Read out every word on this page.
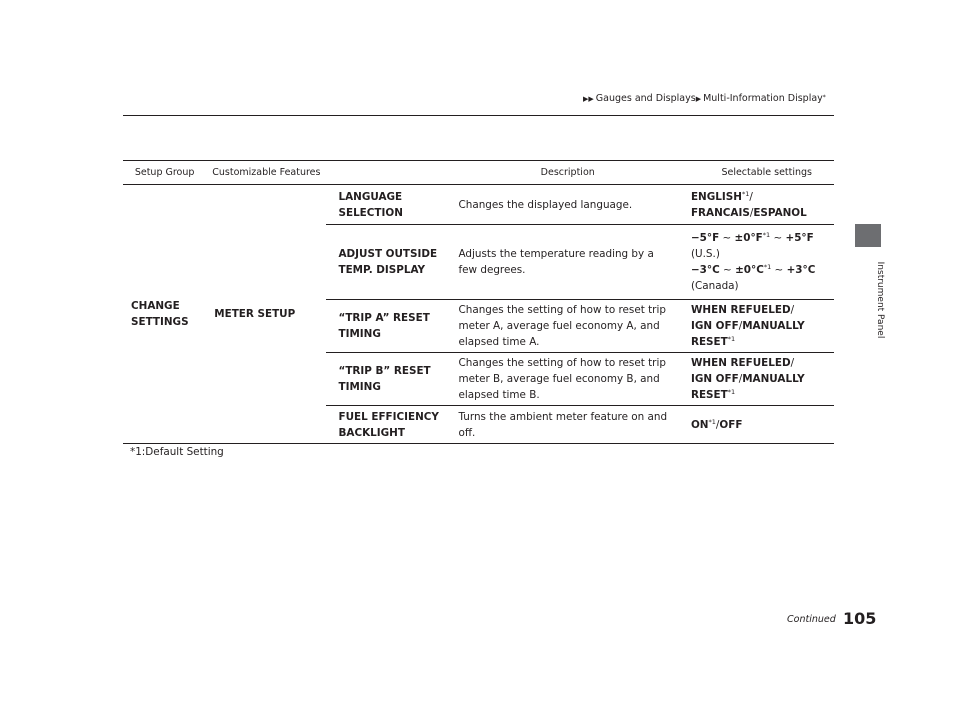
▶▶ Gauges and Displays▶ Multi-Information Display*
Instrument Panel
Setup Group	Customizable Features		Description	Selectable settings
CHANGE SETTINGS	METER SETUP	LANGUAGE SELECTION	Changes the displayed language.	ENGLISH$^{*1}$/
FRANCAIS/ESPANOL
		ADJUST OUTSIDE TEMP. DISPLAY	Adjusts the temperature reading by a few degrees.	−5°F ~ $\pm 0^\circ F^{*1}$ ~ +5°F
(U.S.)
−3°C ~ $\pm 0^\circ C^{*1}$ ~ +3°C
(Canada)
		“TRIP A” RESET TIMING	Changes the setting of how to reset trip meter A, average fuel economy A, and elapsed time A.	WHEN REFUELED/
IGN OFF/MANUALLY RESET$^{*1}$
		“TRIP B” RESET TIMING	Changes the setting of how to reset trip meter B, average fuel economy B, and elapsed time B.	WHEN REFUELED/
IGN OFF/MANUALLY RESET$^{*1}$
		FUEL EFFICIENCY BACKLIGHT	Turns the ambient meter feature on and off.	ON$^{*1}$/OFF
*1:Default Setting
Continued 105
